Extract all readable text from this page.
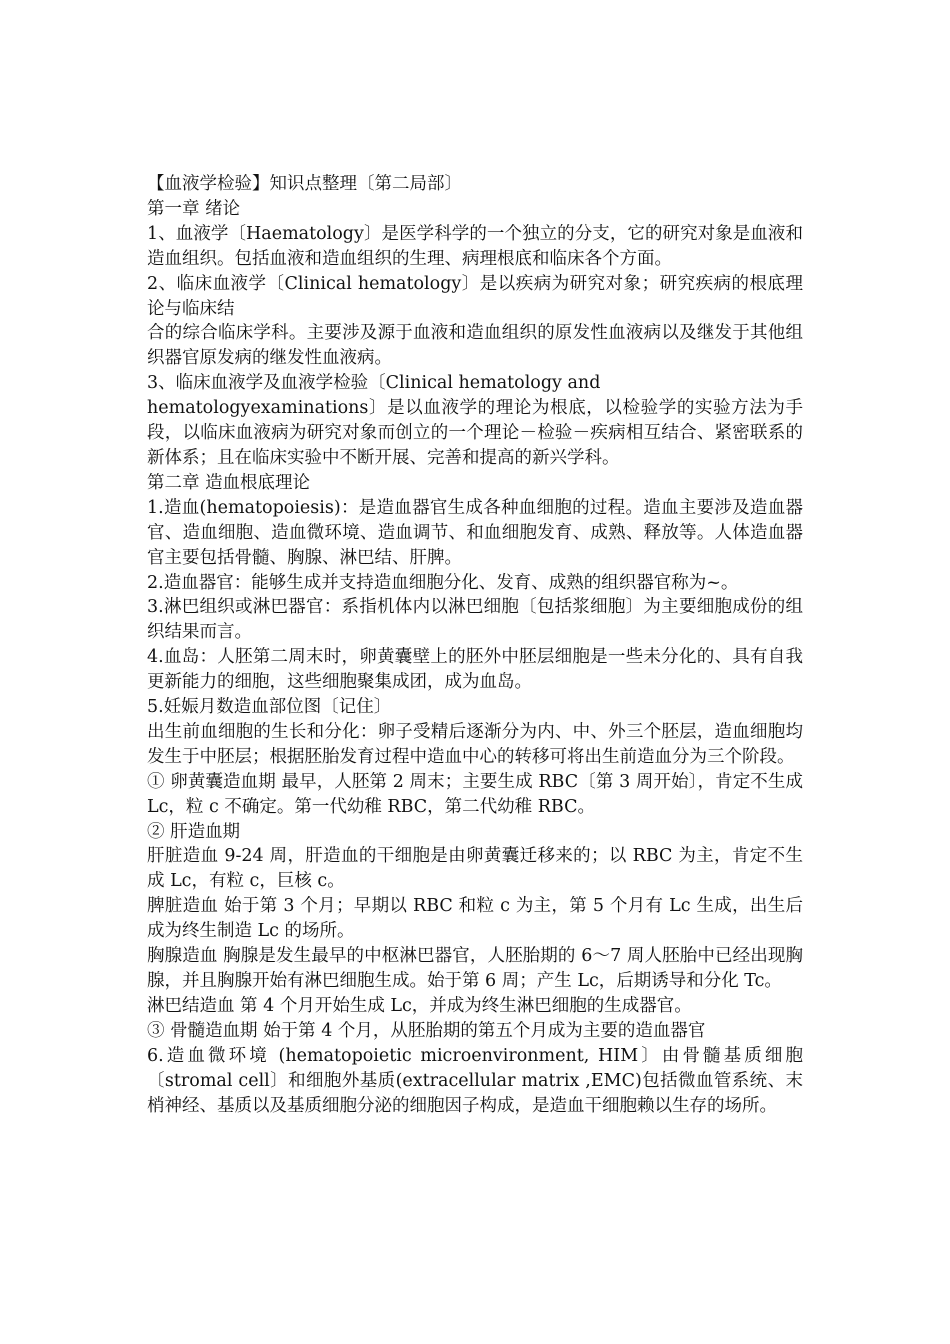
【血液学检验】知识点整理〔第二局部〕

第一章 绪论

1、血液学〔Haematology〕是医学科学的一个独立的分支，它的研究对象是血液和造血组织。包括血液和造血组织的生理、病理根底和临床各个方面。

2、临床血液学〔Clinical hematology〕是以疾病为研究对象；研究疾病的根底理论与临床结

合的综合临床学科。主要涉及源于血液和造血组织的原发性血液病以及继发于其他组织器官原发病的继发性血液病。

3、临床血液学及血液学检验〔Clinical hematology and

hematologyexaminations〕是以血液学的理论为根底，以检验学的实验方法为手段，以临床血液病为研究对象而创立的一个理论－检验－疾病相互结合、紧密联系的新体系；且在临床实验中不断开展、完善和提高的新兴学科。

第二章 造血根底理论

1.造血(hematopoiesis)：是造血器官生成各种血细胞的过程。造血主要涉及造血器官、造血细胞、造血微环境、造血调节、和血细胞发育、成熟、释放等。人体造血器官主要包括骨髓、胸腺、淋巴结、肝脾。

2.造血器官：能够生成并支持造血细胞分化、发育、成熟的组织器官称为~。

3.淋巴组织或淋巴器官：系指机体内以淋巴细胞〔包括浆细胞〕为主要细胞成份的组织结果而言。

4.血岛：人胚第二周末时，卵黄囊壁上的胚外中胚层细胞是一些未分化的、具有自我更新能力的细胞，这些细胞聚集成团，成为血岛。

5.妊娠月数造血部位图〔记住〕

出生前血细胞的生长和分化：卵子受精后逐渐分为内、中、外三个胚层，造血细胞均发生于中胚层；根据胚胎发育过程中造血中心的转移可将出生前造血分为三个阶段。

① 卵黄囊造血期 最早，人胚第 2 周末；主要生成 RBC〔第 3 周开始〕，肯定不生成 Lc，粒 c 不确定。第一代幼稚 RBC，第二代幼稚 RBC。

② 肝造血期

肝脏造血 9-24 周，肝造血的干细胞是由卵黄囊迁移来的；以 RBC 为主，肯定不生成 Lc，有粒 c，巨核 c。

脾脏造血 始于第 3 个月；早期以 RBC 和粒 c 为主，第 5 个月有 Lc 生成，出生后成为终生制造 Lc 的场所。

胸腺造血 胸腺是发生最早的中枢淋巴器官，人胚胎期的 6～7 周人胚胎中已经出现胸腺，并且胸腺开始有淋巴细胞生成。始于第 6 周；产生 Lc，后期诱导和分化 Tc。

淋巴结造血 第 4 个月开始生成 Lc，并成为终生淋巴细胞的生成器官。

③ 骨髓造血期 始于第 4 个月，从胚胎期的第五个月成为主要的造血器官

6.造血微环境 (hematopoietic microenvironment, HIM〕由骨髓基质细胞〔stromal cell〕和细胞外基质(extracellular matrix ,EMC)包括微血管系统、末梢神经、基质以及基质细胞分泌的细胞因子构成，是造血干细胞赖以生存的场所。
